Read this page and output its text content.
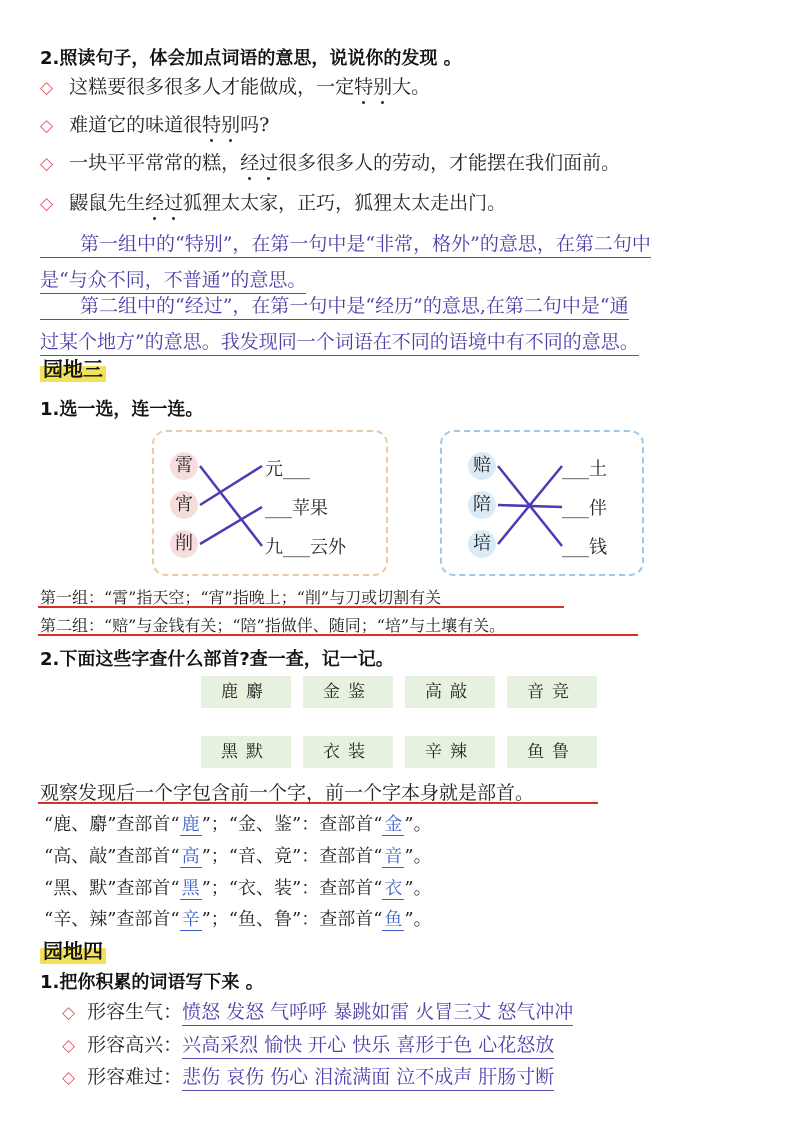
2.照读句子，体会加点词语的意思，说说你的发现 。
◇ 这糕要很多很多人才能做成，一定特别大。
◇ 难道它的味道很特别吗?
◇ 一块平平常常的糕，经过很多很多人的劳动，才能摆在我们面前。
◇ 鼹鼠先生经过狐狸太太家，正巧，狐狸太太走出门。
第一组中的“特别”，在第一句中是“非常，格外”的意思，在第二句中
是“与众不同，不普通”的意思。
第二组中的“经过”，在第一句中是“经历”的意思,在第二句中是“通
过某个地方”的意思。我发现同一个词语在不同的语境中有不同的意思。
园地三
1.选一选，连一连。
霄
宵
削
元___
___苹果
九___云外
赔
陪
培
___土
___伴
___钱
第一组：“霄”指天空；“宵”指晚上；“削”与刀或切割有关
第二组：“赔”与金钱有关；“陪”指做伴、随同；“培”与土壤有关。
2.下面这些字查什么部首?查一查，记一记。
鹿麝	金鉴	高敲	音竞
黑默	衣装	辛辣	鱼鲁
观察发现后一个字包含前一个字，前一个字本身就是部首。
“鹿、麝”查部首“ 鹿 ”；“金、鉴”：查部首“ 金 ”。
“高、敲”查部首“ 高 ”；“音、竟”：查部首“ 音 ”。
“黑、默”查部首“ 黑 ”；“衣、装”：查部首“ 衣 ”。
“辛、辣”查部首“ 辛 ”；“鱼、鲁”：查部首“ 鱼 ”。
园地四
1.把你积累的词语写下来 。
◇ 形容生气：愤怒 发怒 气呼呼 暴跳如雷 火冒三丈 怒气冲冲
◇ 形容高兴：兴高采烈 愉快 开心 快乐 喜形于色 心花怒放
◇ 形容难过：悲伤 哀伤 伤心 泪流满面 泣不成声 肝肠寸断
